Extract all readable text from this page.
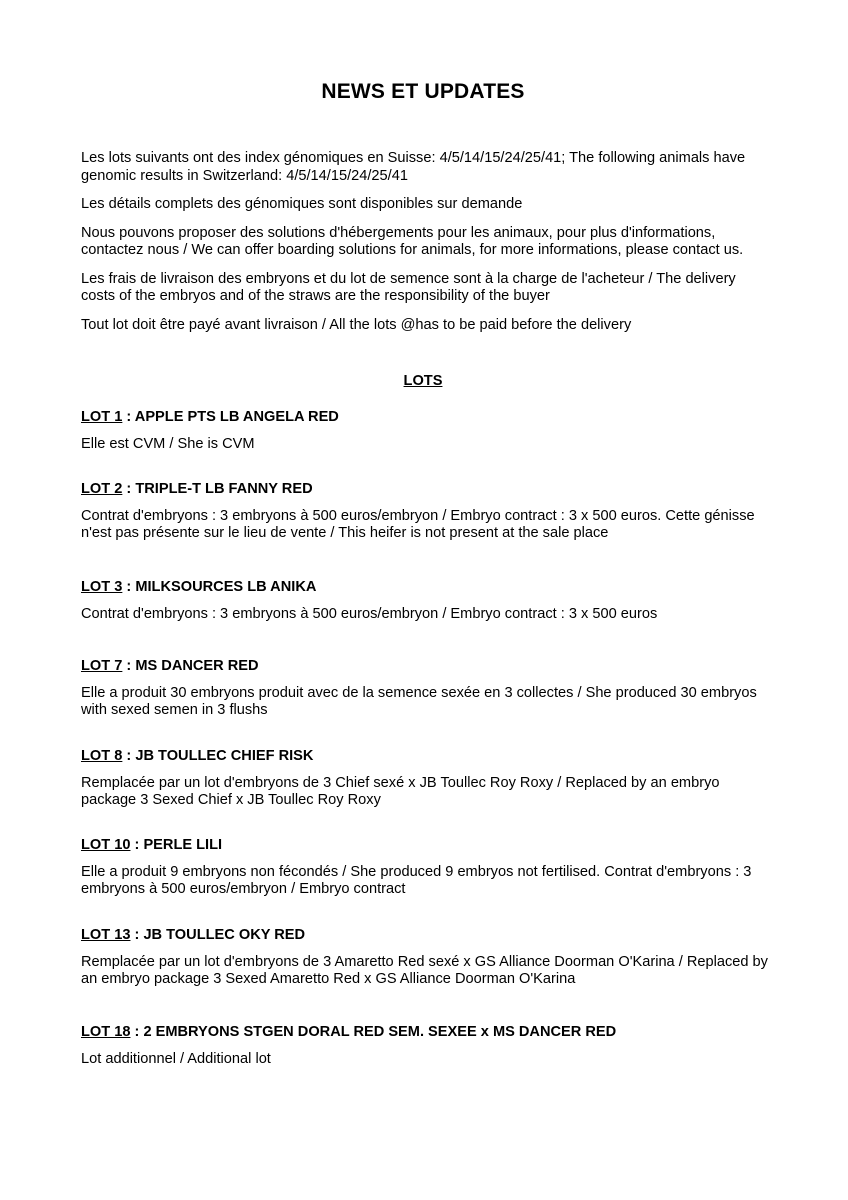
NEWS ET UPDATES

Les lots suivants ont des index génomiques en Suisse: 4/5/14/15/24/25/41; The following animals have genomic results in Switzerland: 4/5/14/15/24/25/41

Les détails complets des génomiques sont disponibles sur demande

Nous pouvons proposer des solutions d'hébergements pour les animaux, pour plus d'informations, contactez nous / We can offer boarding solutions for animals, for more informations, please contact us.

Les frais de livraison des embryons et du lot de semence sont à la charge de l'acheteur / The delivery costs of the embryos and of the straws are the responsibility of the buyer

Tout lot doit être payé avant livraison / All the lots @has to be paid before the delivery

LOTS

LOT 1 : APPLE PTS LB ANGELA RED

Elle est CVM / She is CVM

LOT 2 : TRIPLE-T LB FANNY RED

Contrat d'embryons : 3 embryons à 500 euros/embryon / Embryo contract : 3 x 500 euros. Cette génisse n'est pas présente sur le lieu de vente / This heifer is not present at the sale place

LOT 3 : MILKSOURCES LB ANIKA

Contrat d'embryons : 3 embryons à 500 euros/embryon / Embryo contract : 3 x 500 euros

LOT 7 : MS DANCER RED

Elle a produit 30 embryons produit avec de la semence sexée en 3 collectes / She produced 30 embryos with sexed semen in 3 flushs

LOT 8 : JB TOULLEC CHIEF RISK

Remplacée par un lot d'embryons de 3 Chief sexé x JB Toullec Roy Roxy / Replaced by an embryo package 3 Sexed Chief x JB Toullec Roy Roxy

LOT 10 : PERLE LILI

Elle a produit 9 embryons non fécondés / She produced 9 embryos not fertilised. Contrat d'embryons : 3 embryons à 500 euros/embryon / Embryo contract

LOT 13 : JB TOULLEC OKY RED

Remplacée par un lot d'embryons de 3 Amaretto Red sexé x GS Alliance Doorman O'Karina / Replaced by an embryo package 3 Sexed Amaretto Red x GS Alliance Doorman O'Karina

LOT 18 : 2 EMBRYONS STGEN DORAL RED SEM. SEXEE x MS DANCER RED

Lot additionnel / Additional lot
